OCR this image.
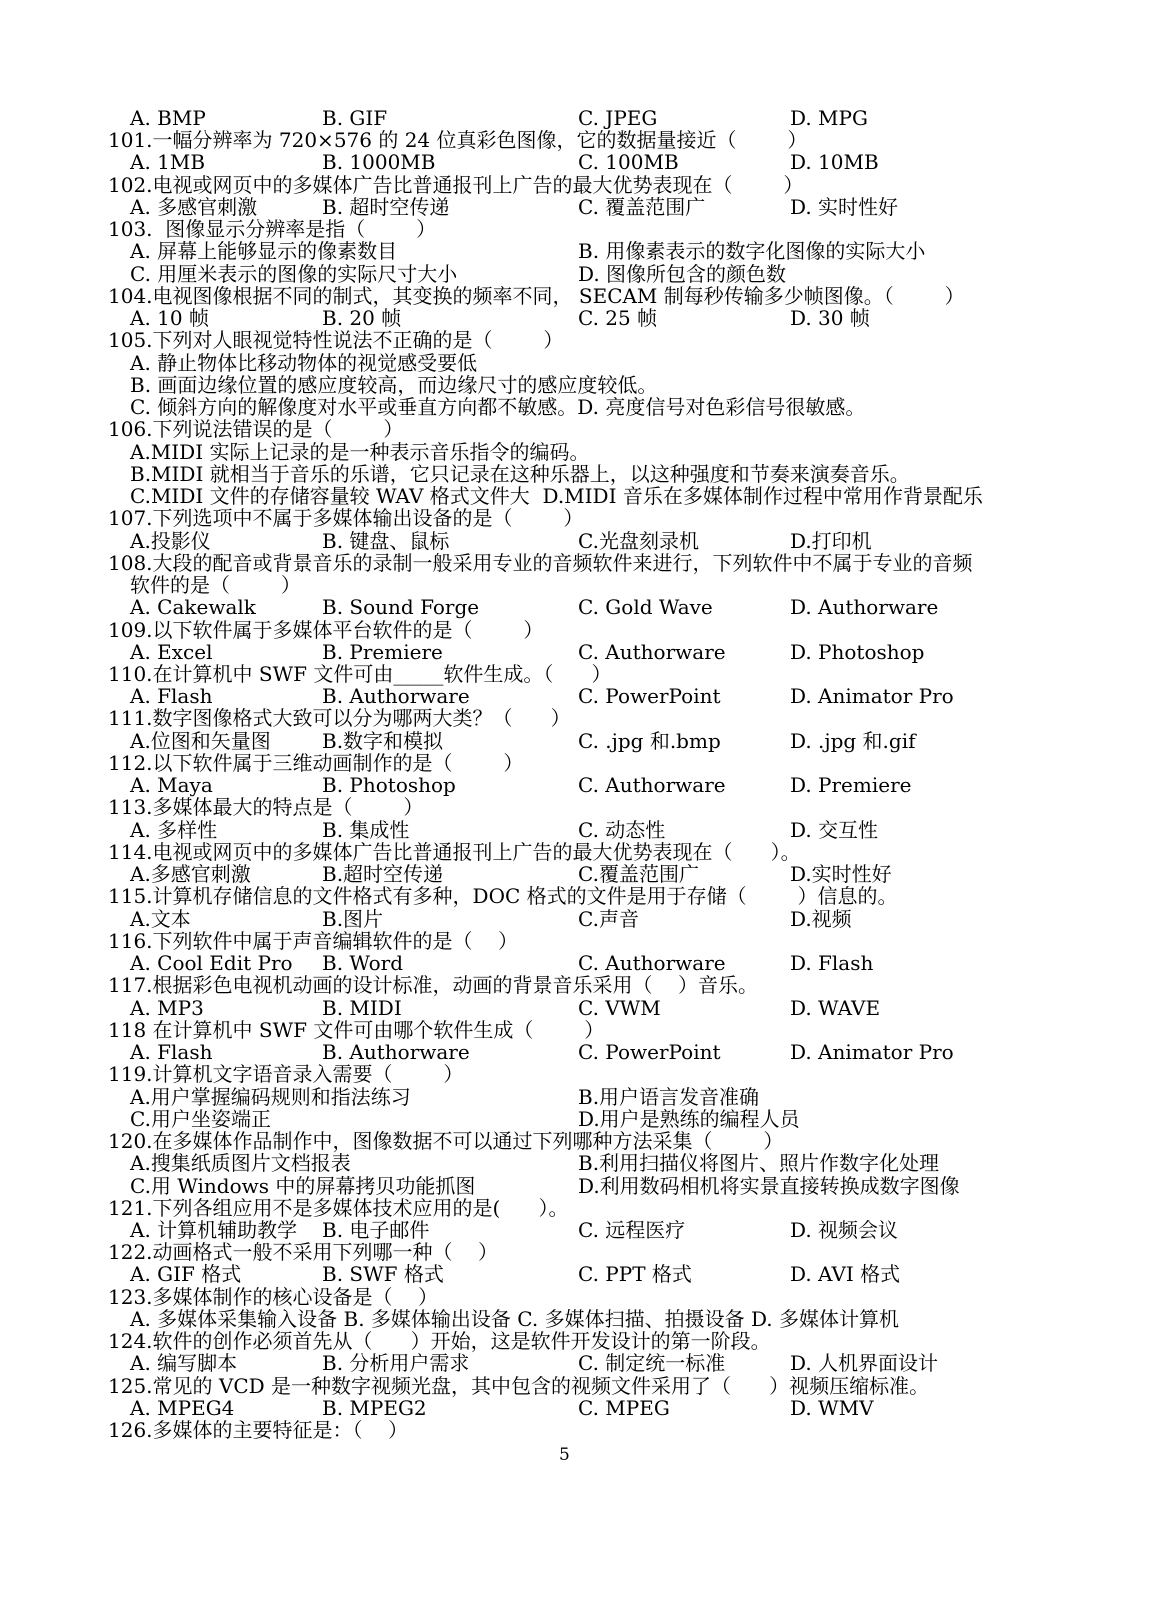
A. BMP	B. GIF	C. JPEG	D. MPG
101.一幅分辨率为 720×576 的 24 位真彩色图像，它的数据量接近（        ）
A. 1MB	B. 1000MB	C. 100MB	D. 10MB
102.电视或网页中的多媒体广告比普通报刊上广告的最大优势表现在（        ）
A. 多感官刺激	B. 超时空传递	C. 覆盖范围广	D. 实时性好
103.  图像显示分辨率是指（        ）
A. 屏幕上能够显示的像素数目	B. 用像素表示的数字化图像的实际大小
C. 用厘米表示的图像的实际尺寸大小	D. 图像所包含的颜色数
104.电视图像根据不同的制式，其变换的频率不同， SECAM 制每秒传输多少帧图像。（        ）
A. 10 帧	B. 20 帧	C. 25 帧	D. 30 帧
105.下列对人眼视觉特性说法不正确的是（        ）
A. 静止物体比移动物体的视觉感受要低
B. 画面边缘位置的感应度较高，而边缘尺寸的感应度较低。
C. 倾斜方向的解像度对水平或垂直方向都不敏感。D. 亮度信号对色彩信号很敏感。
106.下列说法错误的是（        ）
A.MIDI 实际上记录的是一种表示音乐指令的编码。
B.MIDI 就相当于音乐的乐谱，它只记录在这种乐器上，以这种强度和节奏来演奏音乐。
C.MIDI 文件的存储容量较 WAV 格式文件大  D.MIDI 音乐在多媒体制作过程中常用作背景配乐
107.下列选项中不属于多媒体输出设备的是（        ）
A.投影仪	B. 键盘、鼠标	C.光盘刻录机	D.打印机
108.大段的配音或背景音乐的录制一般采用专业的音频软件来进行，下列软件中不属于专业的音频
软件的是（        ）
A. Cakewalk	B. Sound Forge	C. Gold Wave	D. Authorware
109.以下软件属于多媒体平台软件的是（        ）
A. Excel	B. Premiere	C. Authorware	D. Photoshop
110.在计算机中 SWF 文件可由_____软件生成。（      ）
A. Flash	B. Authorware	C. PowerPoint	D. Animator Pro
111.数字图像格式大致可以分为哪两大类？（      ）
A.位图和矢量图	B.数字和模拟	C. .jpg 和.bmp	D. .jpg 和.gif
112.以下软件属于三维动画制作的是（        ）
A. Maya	B. Photoshop	C. Authorware	D. Premiere
113.多媒体最大的特点是（        ）
A. 多样性	B. 集成性	C. 动态性	D. 交互性
114.电视或网页中的多媒体广告比普通报刊上广告的最大优势表现在（      ）。
A.多感官刺激	B.超时空传递	C.覆盖范围广	D.实时性好
115.计算机存储信息的文件格式有多种，DOC 格式的文件是用于存储（        ）信息的。
A.文本	B.图片	C.声音	D.视频
116.下列软件中属于声音编辑软件的是（    ）
A. Cool Edit Pro B. Word	C. Authorware	D. Flash
117.根据彩色电视机动画的设计标准，动画的背景音乐采用（    ）音乐。
A. MP3	B. MIDI	C. VWM	D. WAVE
118 在计算机中 SWF 文件可由哪个软件生成（        ）
A. Flash	B. Authorware	C. PowerPoint	D. Animator Pro
119.计算机文字语音录入需要（        ）
A.用户掌握编码规则和指法练习	B.用户语言发音准确
C.用户坐姿端正	D.用户是熟练的编程人员
120.在多媒体作品制作中，图像数据不可以通过下列哪种方法采集（        ）
A.搜集纸质图片文档报表	B.利用扫描仪将图片、照片作数字化处理
C.用 Windows 中的屏幕拷贝功能抓图	D.利用数码相机将实景直接转换成数字图像
121.下列各组应用不是多媒体技术应用的是(      ）。
A. 计算机辅助教学 B. 电子邮件	C. 远程医疗	D. 视频会议
122.动画格式一般不采用下列哪一种（    ）
A. GIF 格式	B. SWF 格式	C. PPT 格式	D. AVI 格式
123.多媒体制作的核心设备是（    ）
A. 多媒体采集输入设备 B. 多媒体输出设备 C. 多媒体扫描、拍摄设备 D. 多媒体计算机
124.软件的创作必须首先从（      ）开始，这是软件开发设计的第一阶段。
A. 编写脚本	B. 分析用户需求	C. 制定统一标准	D. 人机界面设计
125.常见的 VCD 是一种数字视频光盘，其中包含的视频文件采用了（      ）视频压缩标准。
A. MPEG4	B. MPEG2	C. MPEG	D. WMV
126.多媒体的主要特征是：（    ）
5
